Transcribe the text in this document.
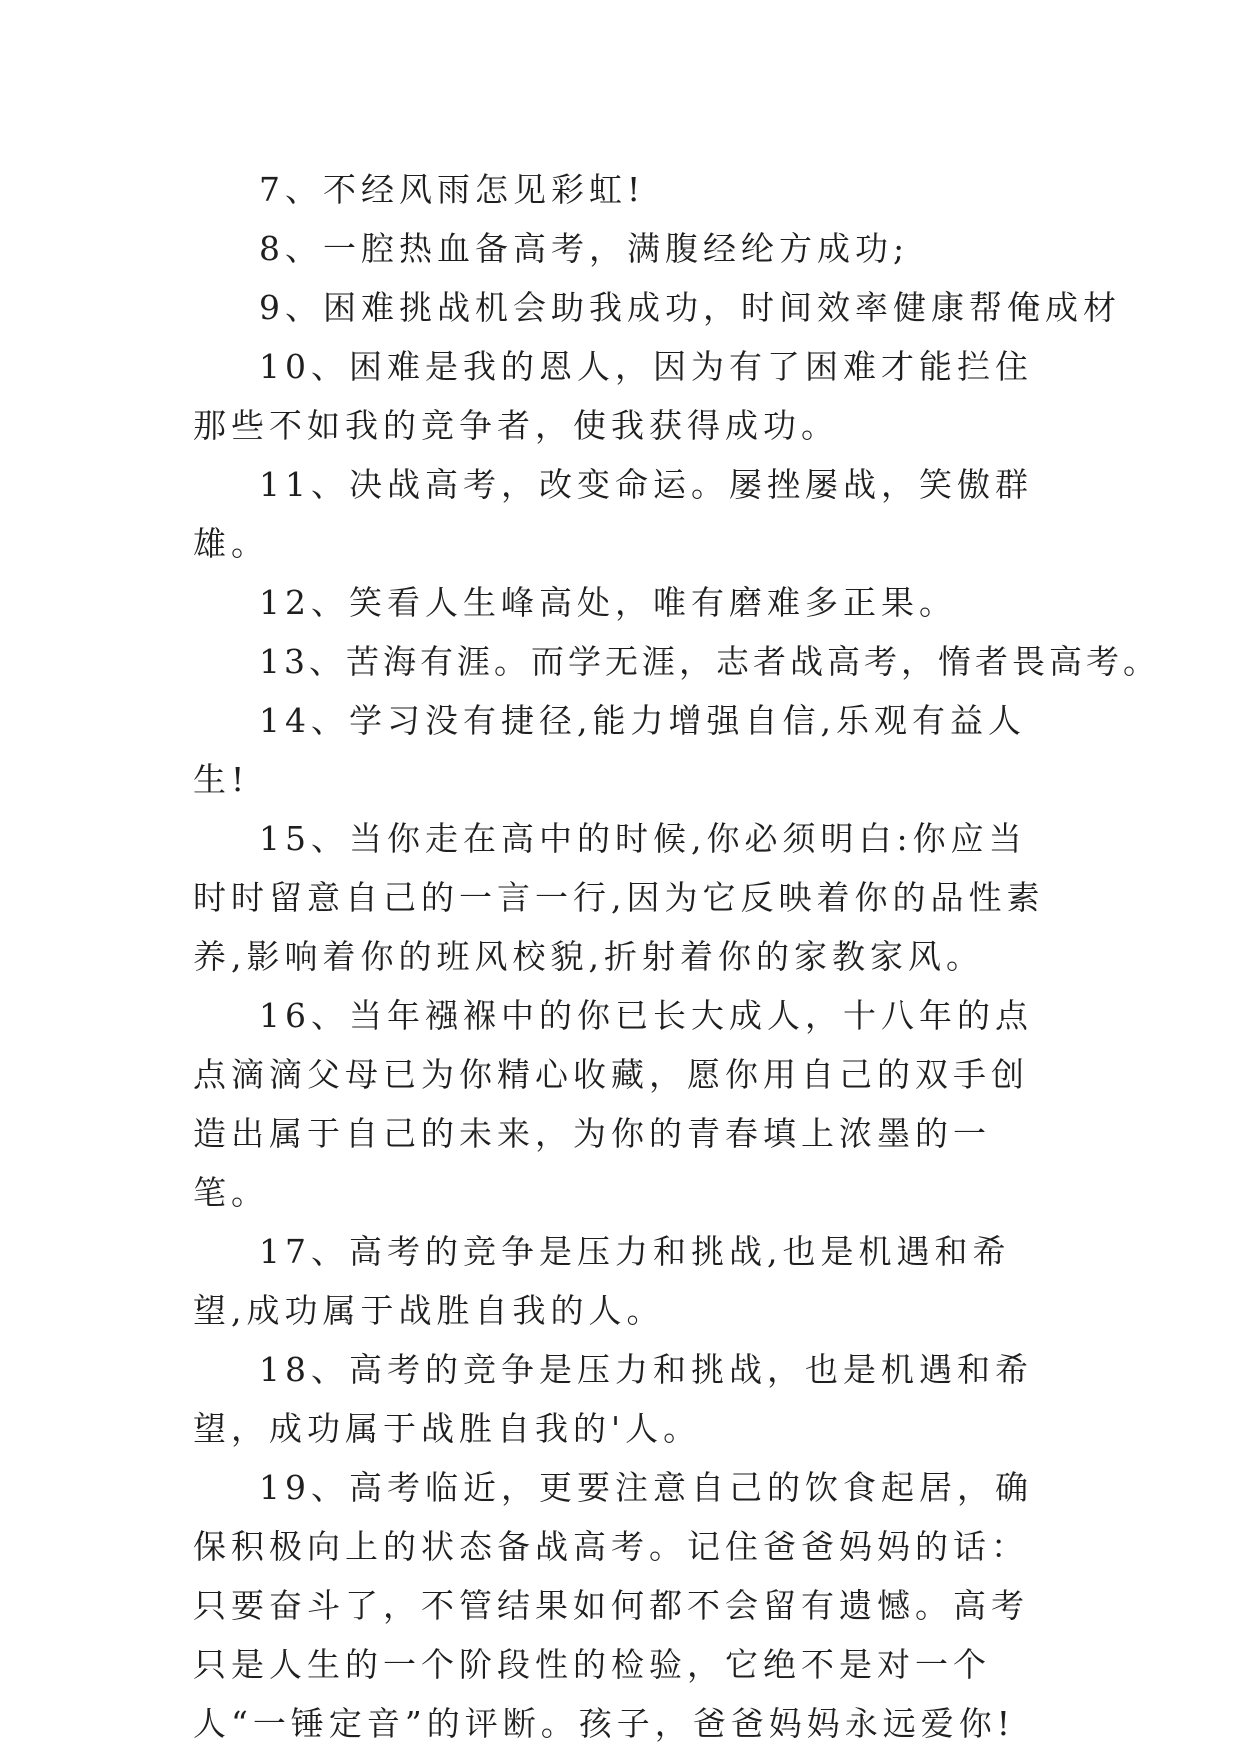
7、不经风雨怎见彩虹!

8、一腔热血备高考，满腹经纶方成功;

9、困难挑战机会助我成功，时间效率健康帮俺成材

10、困难是我的恩人，因为有了困难才能拦住那些不如我的竞争者，使我获得成功。

11、决战高考，改变命运。屡挫屡战，笑傲群雄。

12、笑看人生峰高处，唯有磨难多正果。

13、苦海有涯。而学无涯，志者战高考，惰者畏高考。

14、学习没有捷径,能力增强自信,乐观有益人生!

15、当你走在高中的时候,你必须明白:你应当时时留意自己的一言一行,因为它反映着你的品性素养,影响着你的班风校貌,折射着你的家教家风。

16、当年襁褓中的你已长大成人，十八年的点点滴滴父母已为你精心收藏，愿你用自己的双手创造出属于自己的未来，为你的青春填上浓墨的一笔。

17、高考的竞争是压力和挑战,也是机遇和希望,成功属于战胜自我的人。

18、高考的竞争是压力和挑战，也是机遇和希望，成功属于战胜自我的'人。

19、高考临近，更要注意自己的饮食起居，确保积极向上的状态备战高考。记住爸爸妈妈的话：只要奋斗了，不管结果如何都不会留有遗憾。高考只是人生的一个阶段性的检验，它绝不是对一个人“一锤定音”的评断。孩子，爸爸妈妈永远爱你!
